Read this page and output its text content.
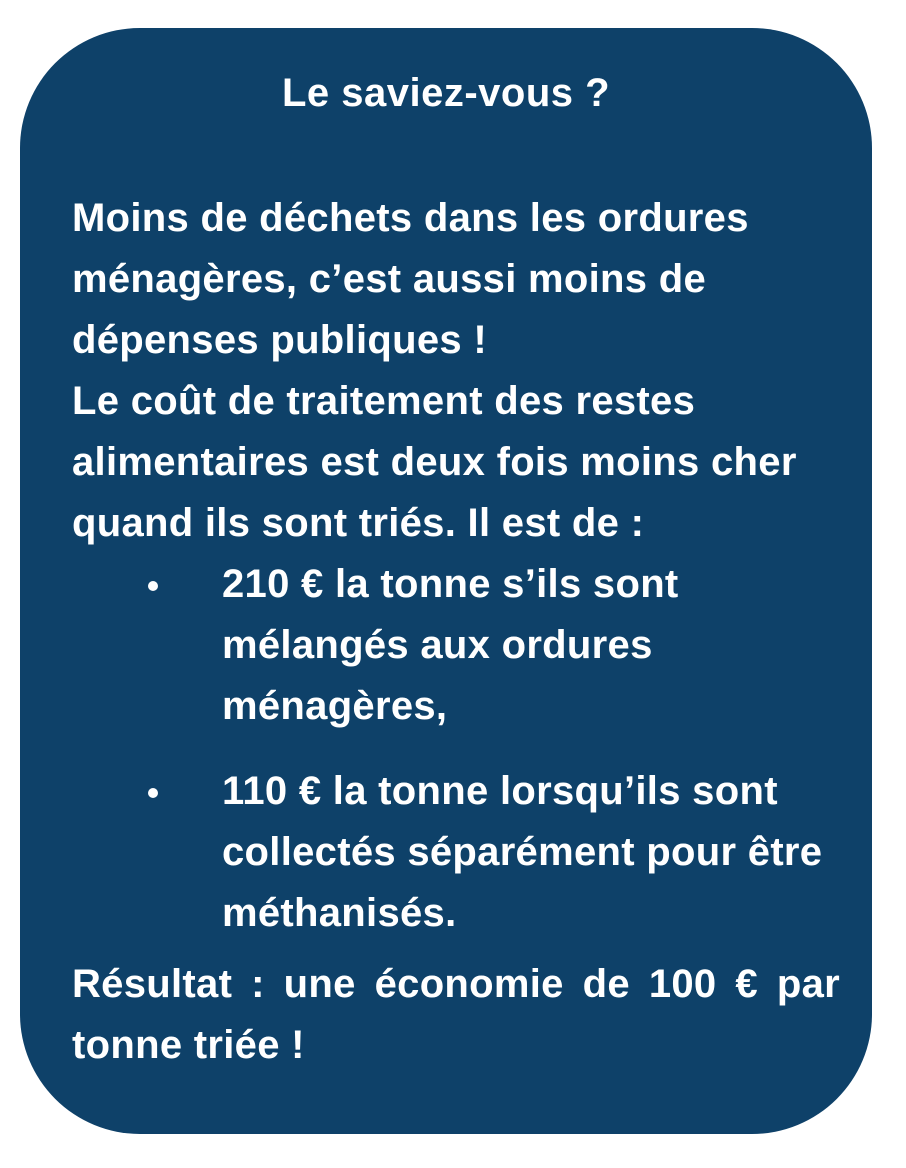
Le saviez-vous ?

Moins de déchets dans les ordures ménagères, c’est aussi moins de dépenses publiques !

Le coût de traitement des restes alimentaires est deux fois moins cher quand ils sont triés. Il est de :

210 € la tonne s’ils sont mélangés aux ordures ménagères,
110 € la tonne lorsqu’ils sont collectés séparément pour être méthanisés.

Résultat : une économie de 100 € par tonne triée !
